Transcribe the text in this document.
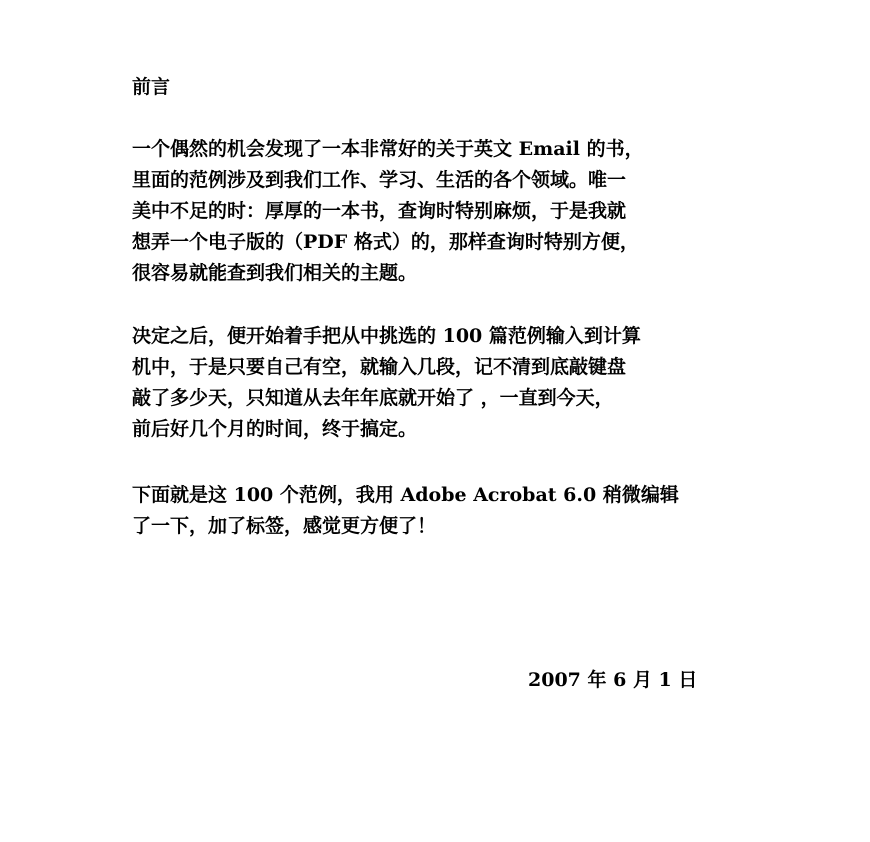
前言

一个偶然的机会发现了一本非常好的关于英文 Email 的书，
里面的范例涉及到我们工作、学习、生活的各个领域。唯一
美中不足的时：厚厚的一本书，查询时特别麻烦，于是我就
想弄一个电子版的（PDF 格式）的，那样查询时特别方便，
很容易就能查到我们相关的主题。

决定之后，便开始着手把从中挑选的 100 篇范例输入到计算
机中，于是只要自己有空，就输入几段，记不清到底敲键盘
敲了多少天，只知道从去年年底就开始了 ，一直到今天，
前后好几个月的时间，终于搞定。

下面就是这 100 个范例，我用 Adobe Acrobat 6.0 稍微编辑
了一下，加了标签，感觉更方便了！

2007 年 6 月 1 日
